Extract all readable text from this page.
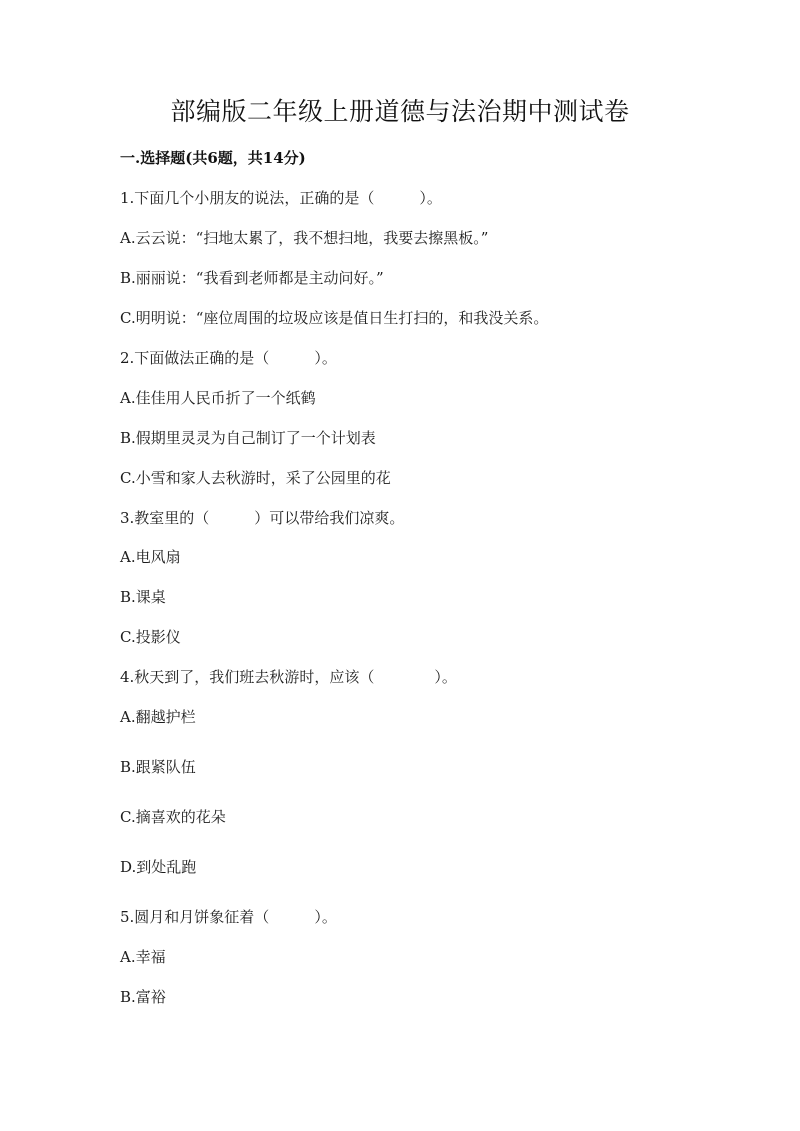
部编版二年级上册道德与法治期中测试卷
一.选择题(共6题，共14分)
1.下面几个小朋友的说法，正确的是（　　　）。
A.云云说：“扫地太累了，我不想扫地，我要去擦黑板。”
B.丽丽说：“我看到老师都是主动问好。”
C.明明说：“座位周围的垃圾应该是值日生打扫的，和我没关系。
2.下面做法正确的是（　　　）。
A.佳佳用人民币折了一个纸鹤
B.假期里灵灵为自己制订了一个计划表
C.小雪和家人去秋游时，采了公园里的花
3.教室里的（　　　）可以带给我们凉爽。
A.电风扇
B.课桌
C.投影仪
4.秋天到了，我们班去秋游时，应该（　　　　）。
A.翻越护栏
B.跟紧队伍
C.摘喜欢的花朵
D.到处乱跑
5.圆月和月饼象征着（　　　）。
A.幸福
B.富裕
